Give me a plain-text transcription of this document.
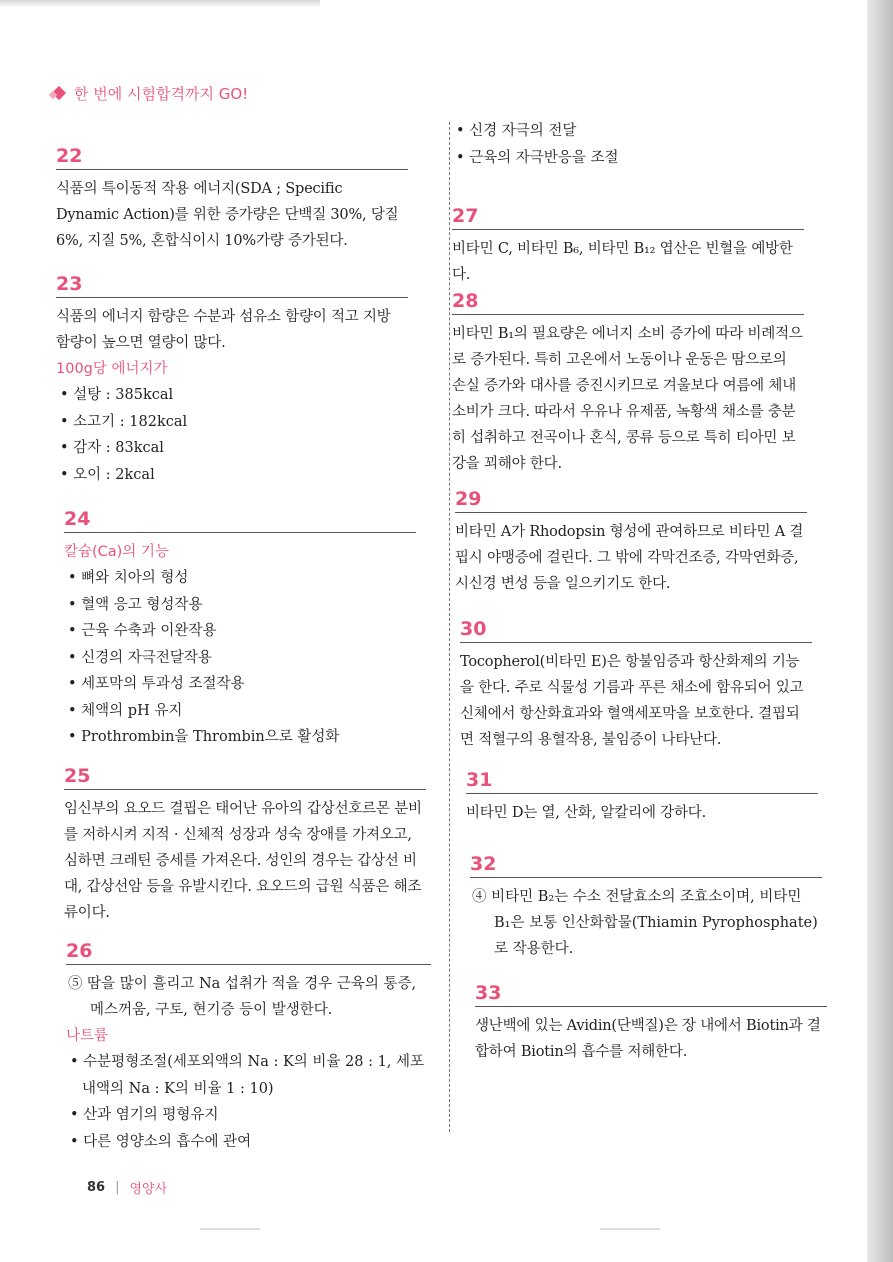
한 번에 시험합격까지 GO!
22
식품의 특이동적 작용 에너지(SDA ; Specific Dynamic Action)를 위한 증가량은 단백질 30%, 당질 6%, 지질 5%, 혼합식이시 10%가량 증가된다.
23
식품의 에너지 함량은 수분과 섬유소 함량이 적고 지방 함량이 높으면 열량이 많다.
100g당 에너지가
• 설탕 : 385kcal
• 소고기 : 182kcal
• 감자 : 83kcal
• 오이 : 2kcal
24
칼슘(Ca)의 기능
• 뼈와 치아의 형성
• 혈액 응고 형성작용
• 근육 수축과 이완작용
• 신경의 자극전달작용
• 세포막의 투과성 조절작용
• 체액의 pH 유지
• Prothrombin을 Thrombin으로 활성화
25
임신부의 요오드 결핍은 태어난 유아의 갑상선호르몬 분비를 저하시켜 지적 · 신체적 성장과 성숙 장애를 가져오고, 심하면 크레틴 증세를 가져온다. 성인의 경우는 갑상선 비대, 갑상선암 등을 유발시킨다. 요오드의 급원 식품은 해조류이다.
26
⑤ 땀을 많이 흘리고 Na 섭취가 적을 경우 근육의 통증, 메스꺼움, 구토, 현기증 등이 발생한다.
나트륨
• 수분평형조절(세포외액의 Na : K의 비율 28 : 1, 세포내액의 Na : K의 비율 1 : 10)
• 산과 염기의 평형유지
• 다른 영양소의 흡수에 관여
• 신경 자극의 전달
• 근육의 자극반응을 조절
27
비타민 C, 비타민 B₆, 비타민 B₁₂ 엽산은 빈혈을 예방한다.
28
비타민 B₁의 필요량은 에너지 소비 증가에 따라 비례적으로 증가된다. 특히 고온에서 노동이나 운동은 땀으로의 손실 증가와 대사를 증진시키므로 겨울보다 여름에 체내 소비가 크다. 따라서 우유나 유제품, 녹황색 채소를 충분히 섭취하고 전곡이나 혼식, 콩류 등으로 특히 티아민 보강을 꾀해야 한다.
29
비타민 A가 Rhodopsin 형성에 관여하므로 비타민 A 결핍시 야맹증에 걸린다. 그 밖에 각막건조증, 각막연화증, 시신경 변성 등을 일으키기도 한다.
30
Tocopherol(비타민 E)은 항불임증과 항산화제의 기능을 한다. 주로 식물성 기름과 푸른 채소에 함유되어 있고 신체에서 항산화효과와 혈액세포막을 보호한다. 결핍되면 적혈구의 용혈작용, 불임증이 나타난다.
31
비타민 D는 열, 산화, 알칼리에 강하다.
32
④ 비타민 B₂는 수소 전달효소의 조효소이며, 비타민 B₁은 보통 인산화합물(Thiamin Pyrophosphate)로 작용한다.
33
생난백에 있는 Avidin(단백질)은 장 내에서 Biotin과 결합하여 Biotin의 흡수를 저해한다.
86 | 영양사
